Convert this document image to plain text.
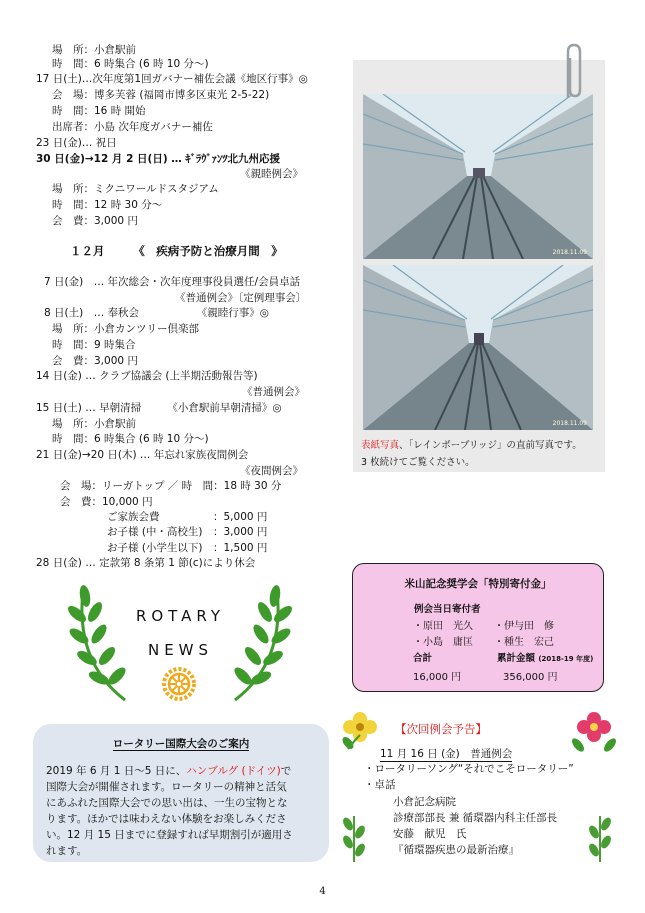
場　所：小倉駅前
時　間：6 時集合 (6 時 10 分～)
17 日(土)…次年度第1回ガバナー補佐会議《地区行事》◎
会　場：博多芙蓉 (福岡市博多区東光 2-5-22)
時　間：16 時 開始
出席者：小島 次年度ガバナー補佐
23 日(金)… 祝日
30 日(金)→12 月 2 日(日) … ｷﾞﾗｳﾞｧﾝﾂ北九州応援
《親睦例会》
場　所：ミクニワールドスタジアム
時　間：12 時 30 分～
会　費：3,000 円
１２月　　　《　疾病予防と治療月間　》
7 日(金)　… 年次総会・次年度理事役員選任/会員卓話
《普通例会》〔定例理事会〕
8 日(土)　… 奉秋会　　　　　　《親睦行事》◎
場　所：小倉カンツリー倶楽部
時　間：9 時集合
会　費：3,000 円
14 日(金) … クラブ協議会 (上半期活動報告等)
《普通例会》
15 日(土) … 早朝清掃　　　《小倉駅前早朝清掃》◎
場　所：小倉駅前
時　間：6 時集合 (6 時 10 分～)
21 日(金)→20 日(木) … 年忘れ家族夜間例会
《夜間例会》
会　場：リーガトップ ／ 時　間：18 時 30 分
会　費：10,000 円
ご家族会費	：5,000 円
お子様 (中・高校生) ：3,000 円
お子様 (小学生以下) ：1,500 円
28 日(金) … 定款第 8 条第 1 節(c)により休会
2018.11.09
2018.11.09
表紙写真、「レインボーブリッジ」の直前写真です。
3 枚続けてご覧ください。
ROTARY
NEWS
米山記念奨学会「特別寄付金」
例会当日寄付者
・原田　光久 ・伊与田　修
・小島　庸匡 ・種生　宏己
合計	累計金額 (2018-19 年度)
16,000 円	356,000 円
ロータリー国際大会のご案内
2019 年 6 月 1 日～5 日に、ハンブルグ (ドイツ)で
国際大会が開催されます。ロータリーの精神と活気
にあふれた国際大会での思い出は、一生の宝物とな
ります。ほかでは味わえない体験をお楽しみくださ
い。12 月 15 日までに登録すれば早期割引が適用さ
れます。
【次回例会予告】
11 月 16 日 (金)　普通例会
・ロータリーソング“それでこそロータリー”
・卓話
小倉記念病院
診療部部長 兼 循環器内科主任部長
安藤　献児　氏
『循環器疾患の最新治療』
4
